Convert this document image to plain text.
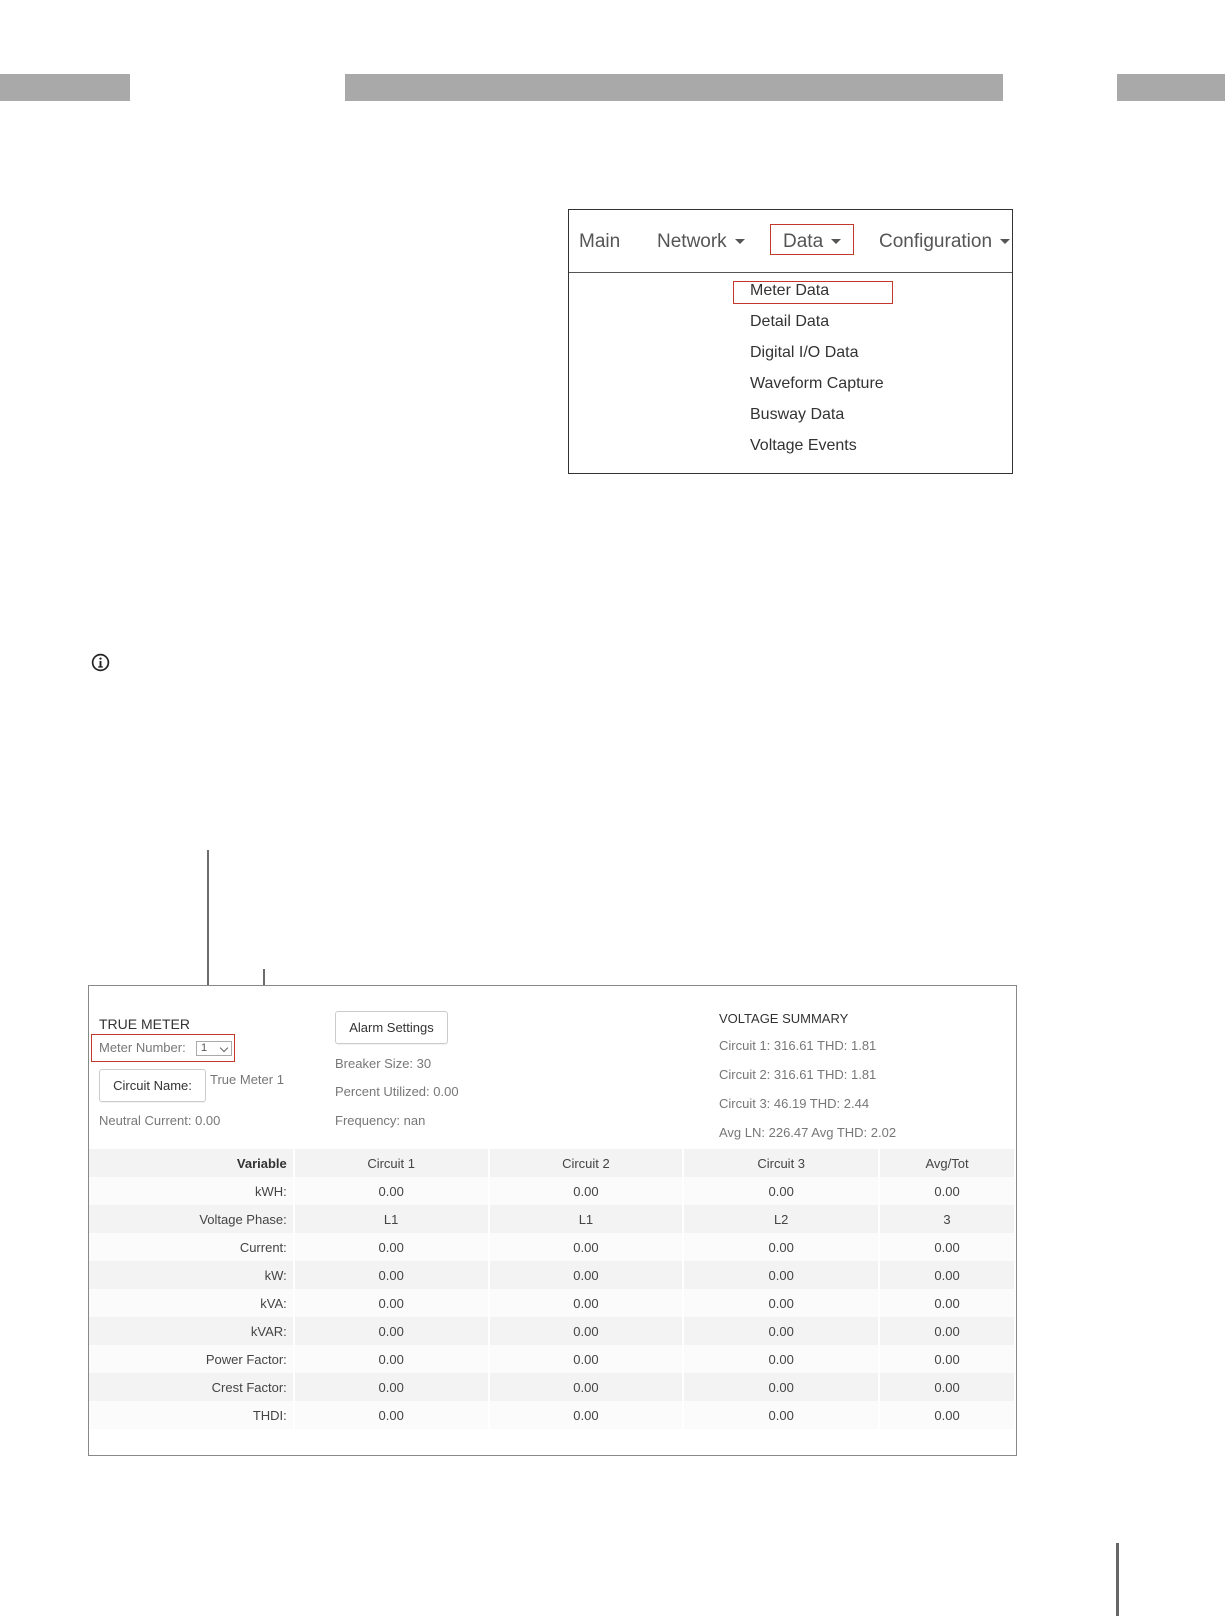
Main Network	Data	Configuration
Meter Data
Detail Data
Digital I/O Data
Waveform Capture
Busway Data
Voltage Events
TRUE METER
Meter Number:	1
Circuit Name:	True Meter 1
Neutral Current: 0.00
Alarm Settings
Breaker Size: 30
Percent Utilized: 0.00
Frequency: nan
VOLTAGE SUMMARY
Circuit 1: 316.61 THD: 1.81
Circuit 2: 316.61 THD: 1.81
Circuit 3: 46.19 THD: 2.44
Avg LN: 226.47 Avg THD: 2.02
Variable	Circuit 1	Circuit 2	Circuit 3	Avg/Tot
kWH:	0.00	0.00	0.00	0.00
Voltage Phase:	L1	L1	L2	3
Current:	0.00	0.00	0.00	0.00
kW:	0.00	0.00	0.00	0.00
kVA:	0.00	0.00	0.00	0.00
kVAR:	0.00	0.00	0.00	0.00
Power Factor:	0.00	0.00	0.00	0.00
Crest Factor:	0.00	0.00	0.00	0.00
THDI:	0.00	0.00	0.00	0.00
